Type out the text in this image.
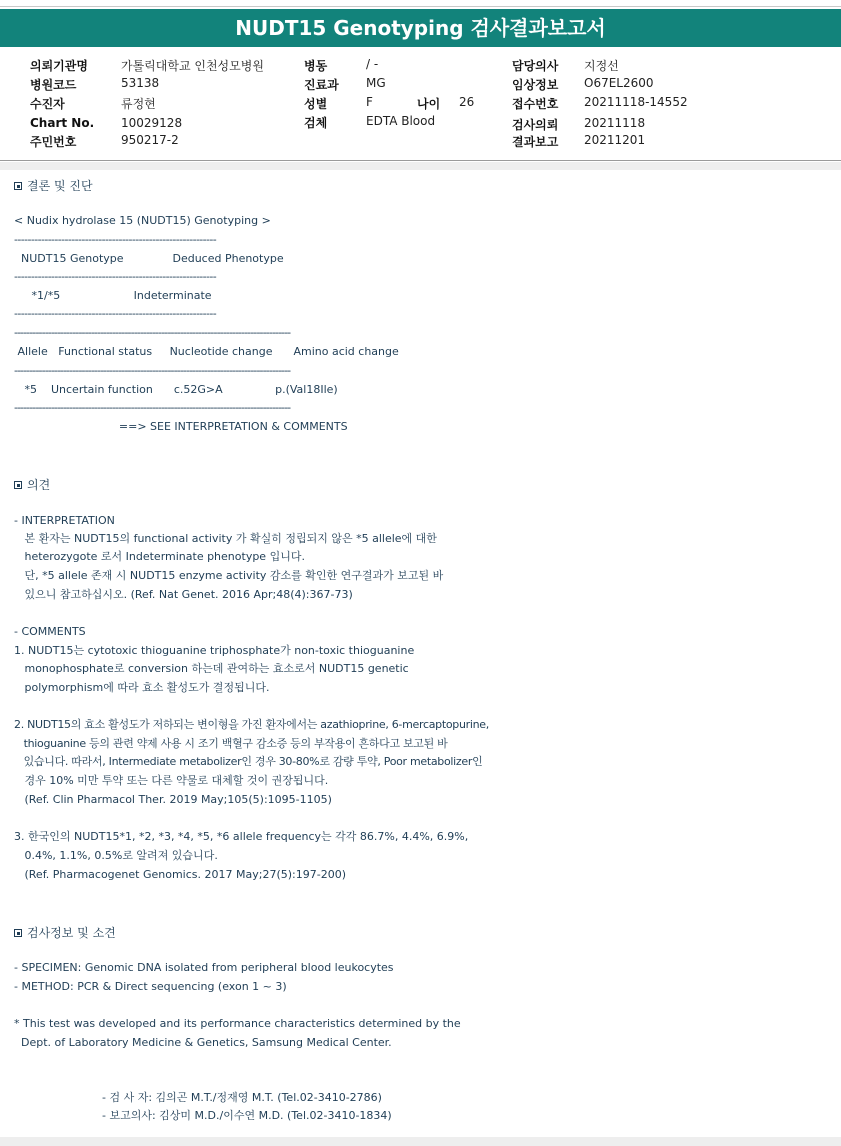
NUDT15 Genotyping 검사결과보고서
의뢰기관명	가톨릭대학교 인천성모병원
병원코드	53138
수진자	류정현
Chart No. 10029128
주민번호	950217-2
병동	/ -
진료과 MG
성별	F	나이 26
검체	EDTA Blood
담당의사 지정선
임상정보 O67EL2600
접수번호 20211118-14552
검사의뢰 20211118
결과보고 20211201
결론 및 진단
< Nudix hydrolase 15 (NUDT15) Genotyping >
------------------------------------------------------------
NUDT15 Genotype              Deduced Phenotype
------------------------------------------------------------
*1/*5                     Indeterminate
------------------------------------------------------------
------------------------------------------------------------------------------------------
Allele   Functional status     Nucleotide change      Amino acid change
------------------------------------------------------------------------------------------
*5    Uncertain function      c.52G>A               p.(Val18Ile)
------------------------------------------------------------------------------------------
==> SEE INTERPRETATION & COMMENTS
의견
- INTERPRETATION
본 환자는 NUDT15의 functional activity 가 확실히 정립되지 않은 *5 allele에 대한
heterozygote 로서 Indeterminate phenotype 입니다.
단, *5 allele 존재 시 NUDT15 enzyme activity 감소를 확인한 연구결과가 보고된 바
있으니 참고하십시오. (Ref. Nat Genet. 2016 Apr;48(4):367-73)
- COMMENTS
1. NUDT15는 cytotoxic thioguanine triphosphate가 non-toxic thioguanine
monophosphate로 conversion 하는데 관여하는 효소로서 NUDT15 genetic
polymorphism에 따라 효소 활성도가 결정됩니다.
2. NUDT15의 효소 활성도가 저하되는 변이형을 가진 환자에서는 azathioprine, 6-mercaptopurine,
thioguanine 등의 관련 약제 사용 시 조기 백혈구 감소증 등의 부작용이 흔하다고 보고된 바
있습니다. 따라서, Intermediate metabolizer인 경우 30-80%로 감량 투약, Poor metabolizer인
경우 10% 미만 투약 또는 다른 약물로 대체할 것이 권장됩니다.
(Ref. Clin Pharmacol Ther. 2019 May;105(5):1095-1105)
3. 한국인의 NUDT15*1, *2, *3, *4, *5, *6 allele frequency는 각각 86.7%, 4.4%, 6.9%,
0.4%, 1.1%, 0.5%로 알려져 있습니다.
(Ref. Pharmacogenet Genomics. 2017 May;27(5):197-200)
검사정보 및 소견
- SPECIMEN: Genomic DNA isolated from peripheral blood leukocytes
- METHOD: PCR & Direct sequencing (exon 1 ~ 3)
* This test was developed and its performance characteristics determined by the
Dept. of Laboratory Medicine & Genetics, Samsung Medical Center.
- 검 사 자: 김의곤 M.T./정재영 M.T. (Tel.02-3410-2786)
- 보고의사: 김상미 M.D./이수연 M.D. (Tel.02-3410-1834)
